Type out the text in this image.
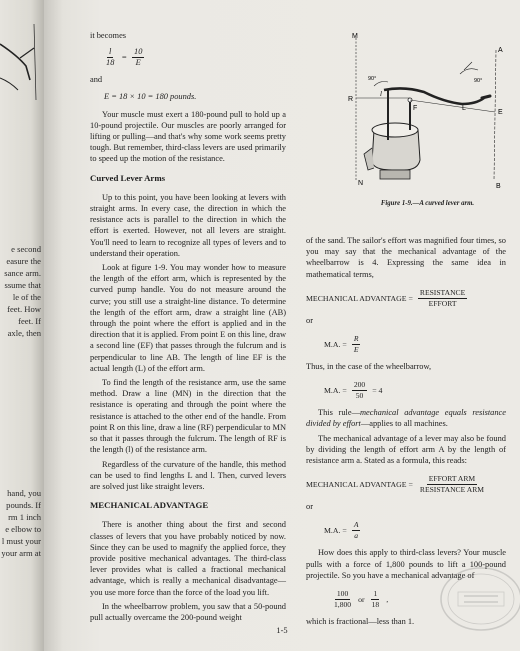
e second
easure the
sance arm.
ssume that
le of the
feet. How
feet. If
axle, then
hand, you
pounds. If
rm 1 inch
e elbow to
l must your
your arm at

it becomes

$\frac{l}{18} = \frac{10}{E}$

and

E = 18 × 10 = 180 pounds.

Your muscle must exert a 180-pound pull to hold up a 10-pound projectile. Our muscles are poorly arranged for lifting or pulling—and that's why some work seems pretty tough. But remember, third-class levers are used primarily to speed up the motion of the resistance.

Curved Lever Arms

Up to this point, you have been looking at levers with straight arms. In every case, the direction in which the resistance acts is parallel to the direction in which the effort is exerted. However, not all levers are straight. You'll need to learn to recognize all types of levers and to understand their operation.

Look at figure 1-9. You may wonder how to measure the length of the effort arm, which is represented by the curved pump handle. You do not measure around the curve; you still use a straight-line distance. To determine the length of the effort arm, draw a straight line (AB) through the point where the effort is applied and in the direction that it is applied. From point E on this line, draw a second line (EF) that passes through the fulcrum and is perpendicular to line AB. The length of line EF is the actual length (L) of the effort arm.

To find the length of the resistance arm, use the same method. Draw a line (MN) in the direction that the resistance is operating and through the point where the resistance is attached to the other end of the handle. From point R on this line, draw a line (RF) perpendicular to MN so that it passes through the fulcrum. The length of RF is the length (l) of the resistance arm.

Regardless of the curvature of the handle, this method can be used to find lengths L and l. Then, curved levers are solved just like straight levers.

MECHANICAL ADVANTAGE

There is another thing about the first and second classes of levers that you have probably noticed by now. Since they can be used to magnify the applied force, they provide positive mechanical advantages. The third-class lever provides what is called a fractional mechanical advantage, which is really a mechanical disadvantage—you use more force than the force of the load you lift.

In the wheelbarrow problem, you saw that a 50-pound pull actually overcame the 200-pound weight

M
N
R
l
F	L
E
A
B
90°	90°
Figure 1-9.—A curved lever arm.

of the sand. The sailor's effort was magnified four times, so you may say that the mechanical advantage of the wheelbarrow is 4. Expressing the same idea in mathematical terms,

MECHANICAL ADVANTAGE = $\frac{\text{RESISTANCE}}{\text{EFFORT}}$

or

M.A. = $\frac{R}{E}$

Thus, in the case of the wheelbarrow,

M.A. = $\frac{200}{50} = 4$

This rule—mechanical advantage equals resistance divided by effort—applies to all machines.

The mechanical advantage of a lever may also be found by dividing the length of effort arm A by the length of resistance arm a. Stated as a formula, this reads:

MECHANICAL ADVANTAGE = $\frac{\text{EFFORT ARM}}{\text{RESISTANCE ARM}}$

or

M.A. = $\frac{A}{a}$

How does this apply to third-class levers? Your muscle pulls with a force of 1,800 pounds to lift a 100-pound projectile. So you have a mechanical advantage of

$\frac{100}{1,800}$ or $\frac{1}{18}$ ,

which is fractional—less than 1.

1-5
